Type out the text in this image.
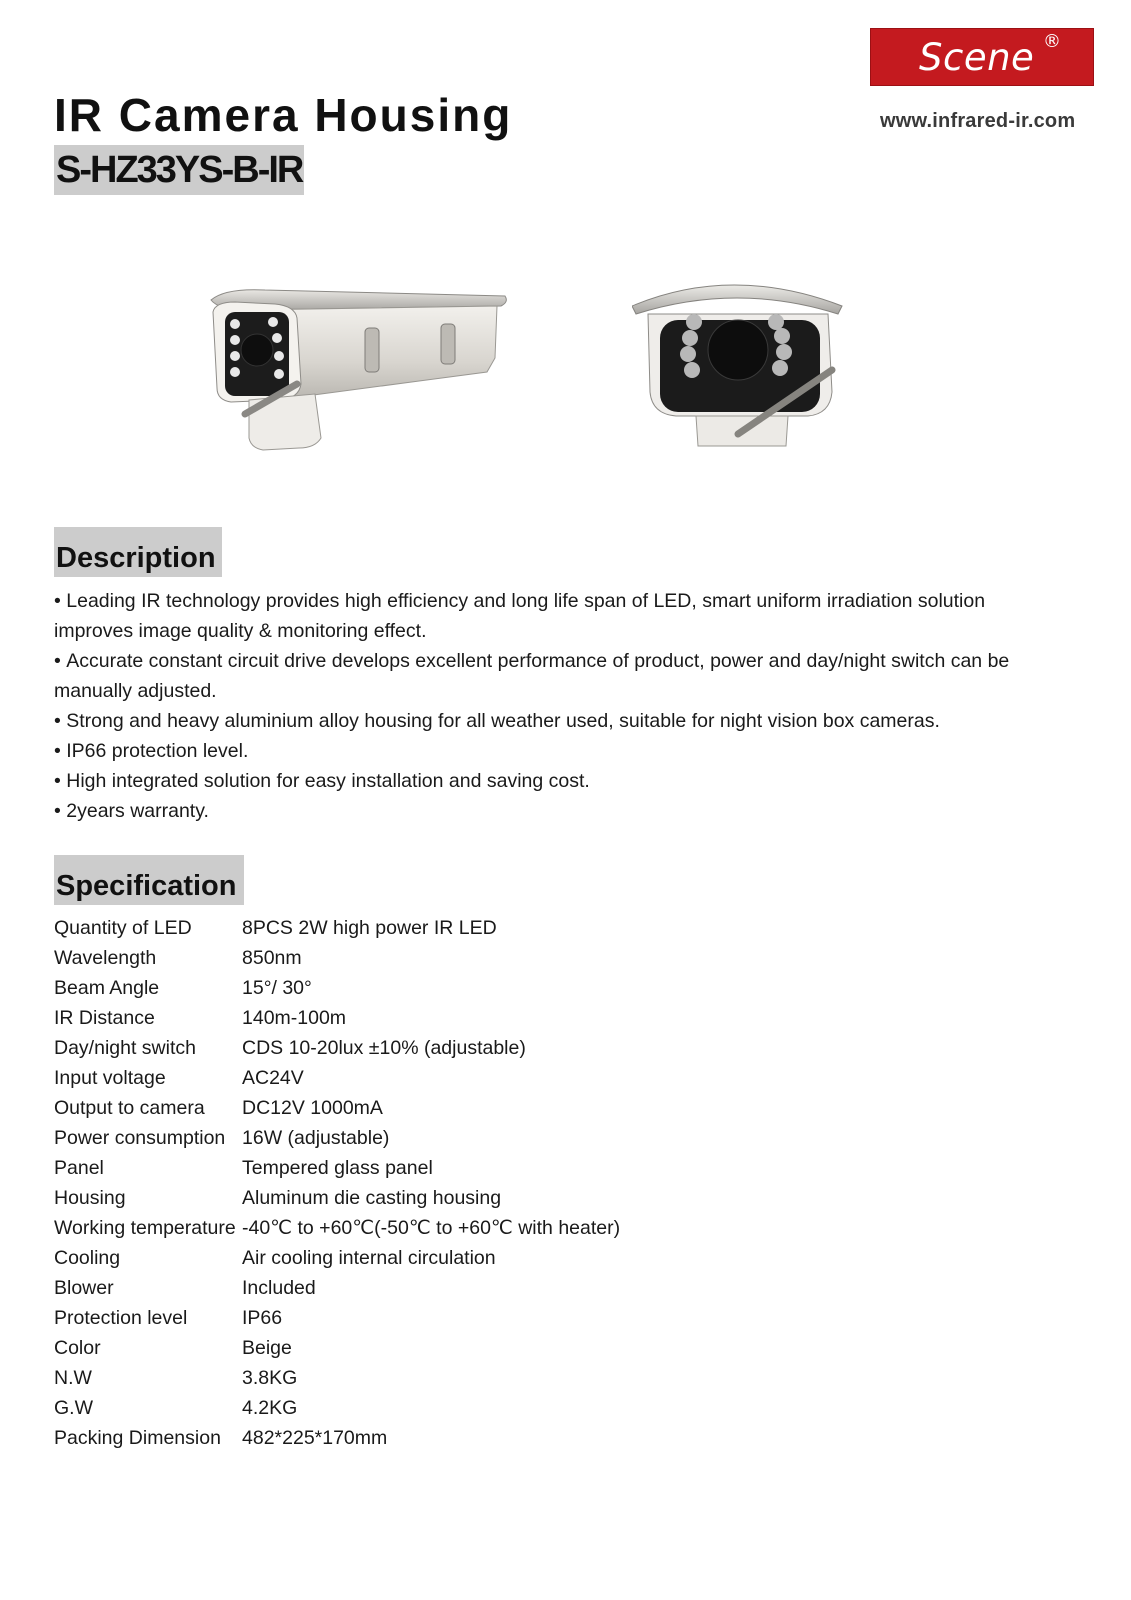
Scene ®
www.infrared-ir.com
IR Camera Housing
S-HZ33YS-B-IR
Description
• Leading IR technology provides high efficiency and long life span of LED, smart uniform irradiation solution improves image quality & monitoring effect.
• Accurate constant circuit drive develops excellent performance of product, power and day/night switch can be manually adjusted.
• Strong and heavy aluminium alloy housing for all weather used, suitable for night vision box cameras.
• IP66 protection level.
• High integrated solution for easy installation and saving cost.
• 2years warranty.
Specification
Quantity of LED	8PCS 2W high power IR LED
Wavelength	850nm
Beam Angle	15°/ 30°
IR Distance	140m-100m
Day/night switch	CDS 10-20lux ±10% (adjustable)
Input voltage	AC24V
Output to camera	DC12V 1000mA
Power consumption	16W (adjustable)
Panel	Tempered glass panel
Housing	Aluminum die casting housing
Working temperature	-40℃ to +60℃(-50℃ to +60℃ with heater)
Cooling	Air cooling internal circulation
Blower	Included
Protection level	IP66
Color	Beige
N.W	3.8KG
G.W	4.2KG
Packing Dimension	482*225*170mm
